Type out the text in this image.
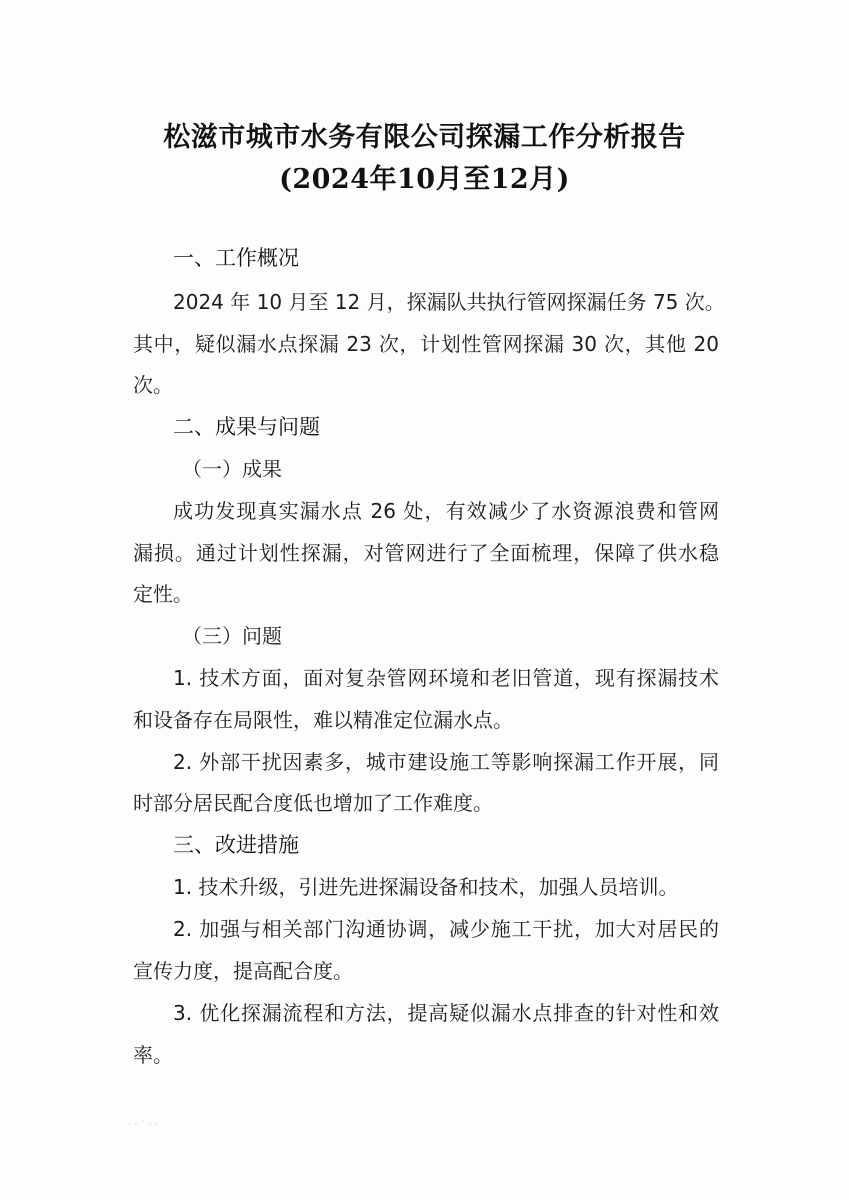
松滋市城市水务有限公司探漏工作分析报告
(2024年10月至12月)
一、工作概况
2024 年 10 月至 12 月，探漏队共执行管网探漏任务 75 次。
其中，疑似漏水点探漏 23 次，计划性管网探漏 30 次，其他 20
次。
二、成果与问题
（一）成果
成功发现真实漏水点 26 处，有效减少了水资源浪费和管网
漏损。通过计划性探漏，对管网进行了全面梳理，保障了供水稳
定性。
（三）问题
1. 技术方面，面对复杂管网环境和老旧管道，现有探漏技术
和设备存在局限性，难以精准定位漏水点。
2. 外部干扰因素多，城市建设施工等影响探漏工作开展，同
时部分居民配合度低也增加了工作难度。
三、改进措施
1. 技术升级，引进先进探漏设备和技术，加强人员培训。
2. 加强与相关部门沟通协调，减少施工干扰，加大对居民的
宣传力度，提高配合度。
3. 优化探漏流程和方法，提高疑似漏水点排查的针对性和效
率。
· · ˙ · ·
